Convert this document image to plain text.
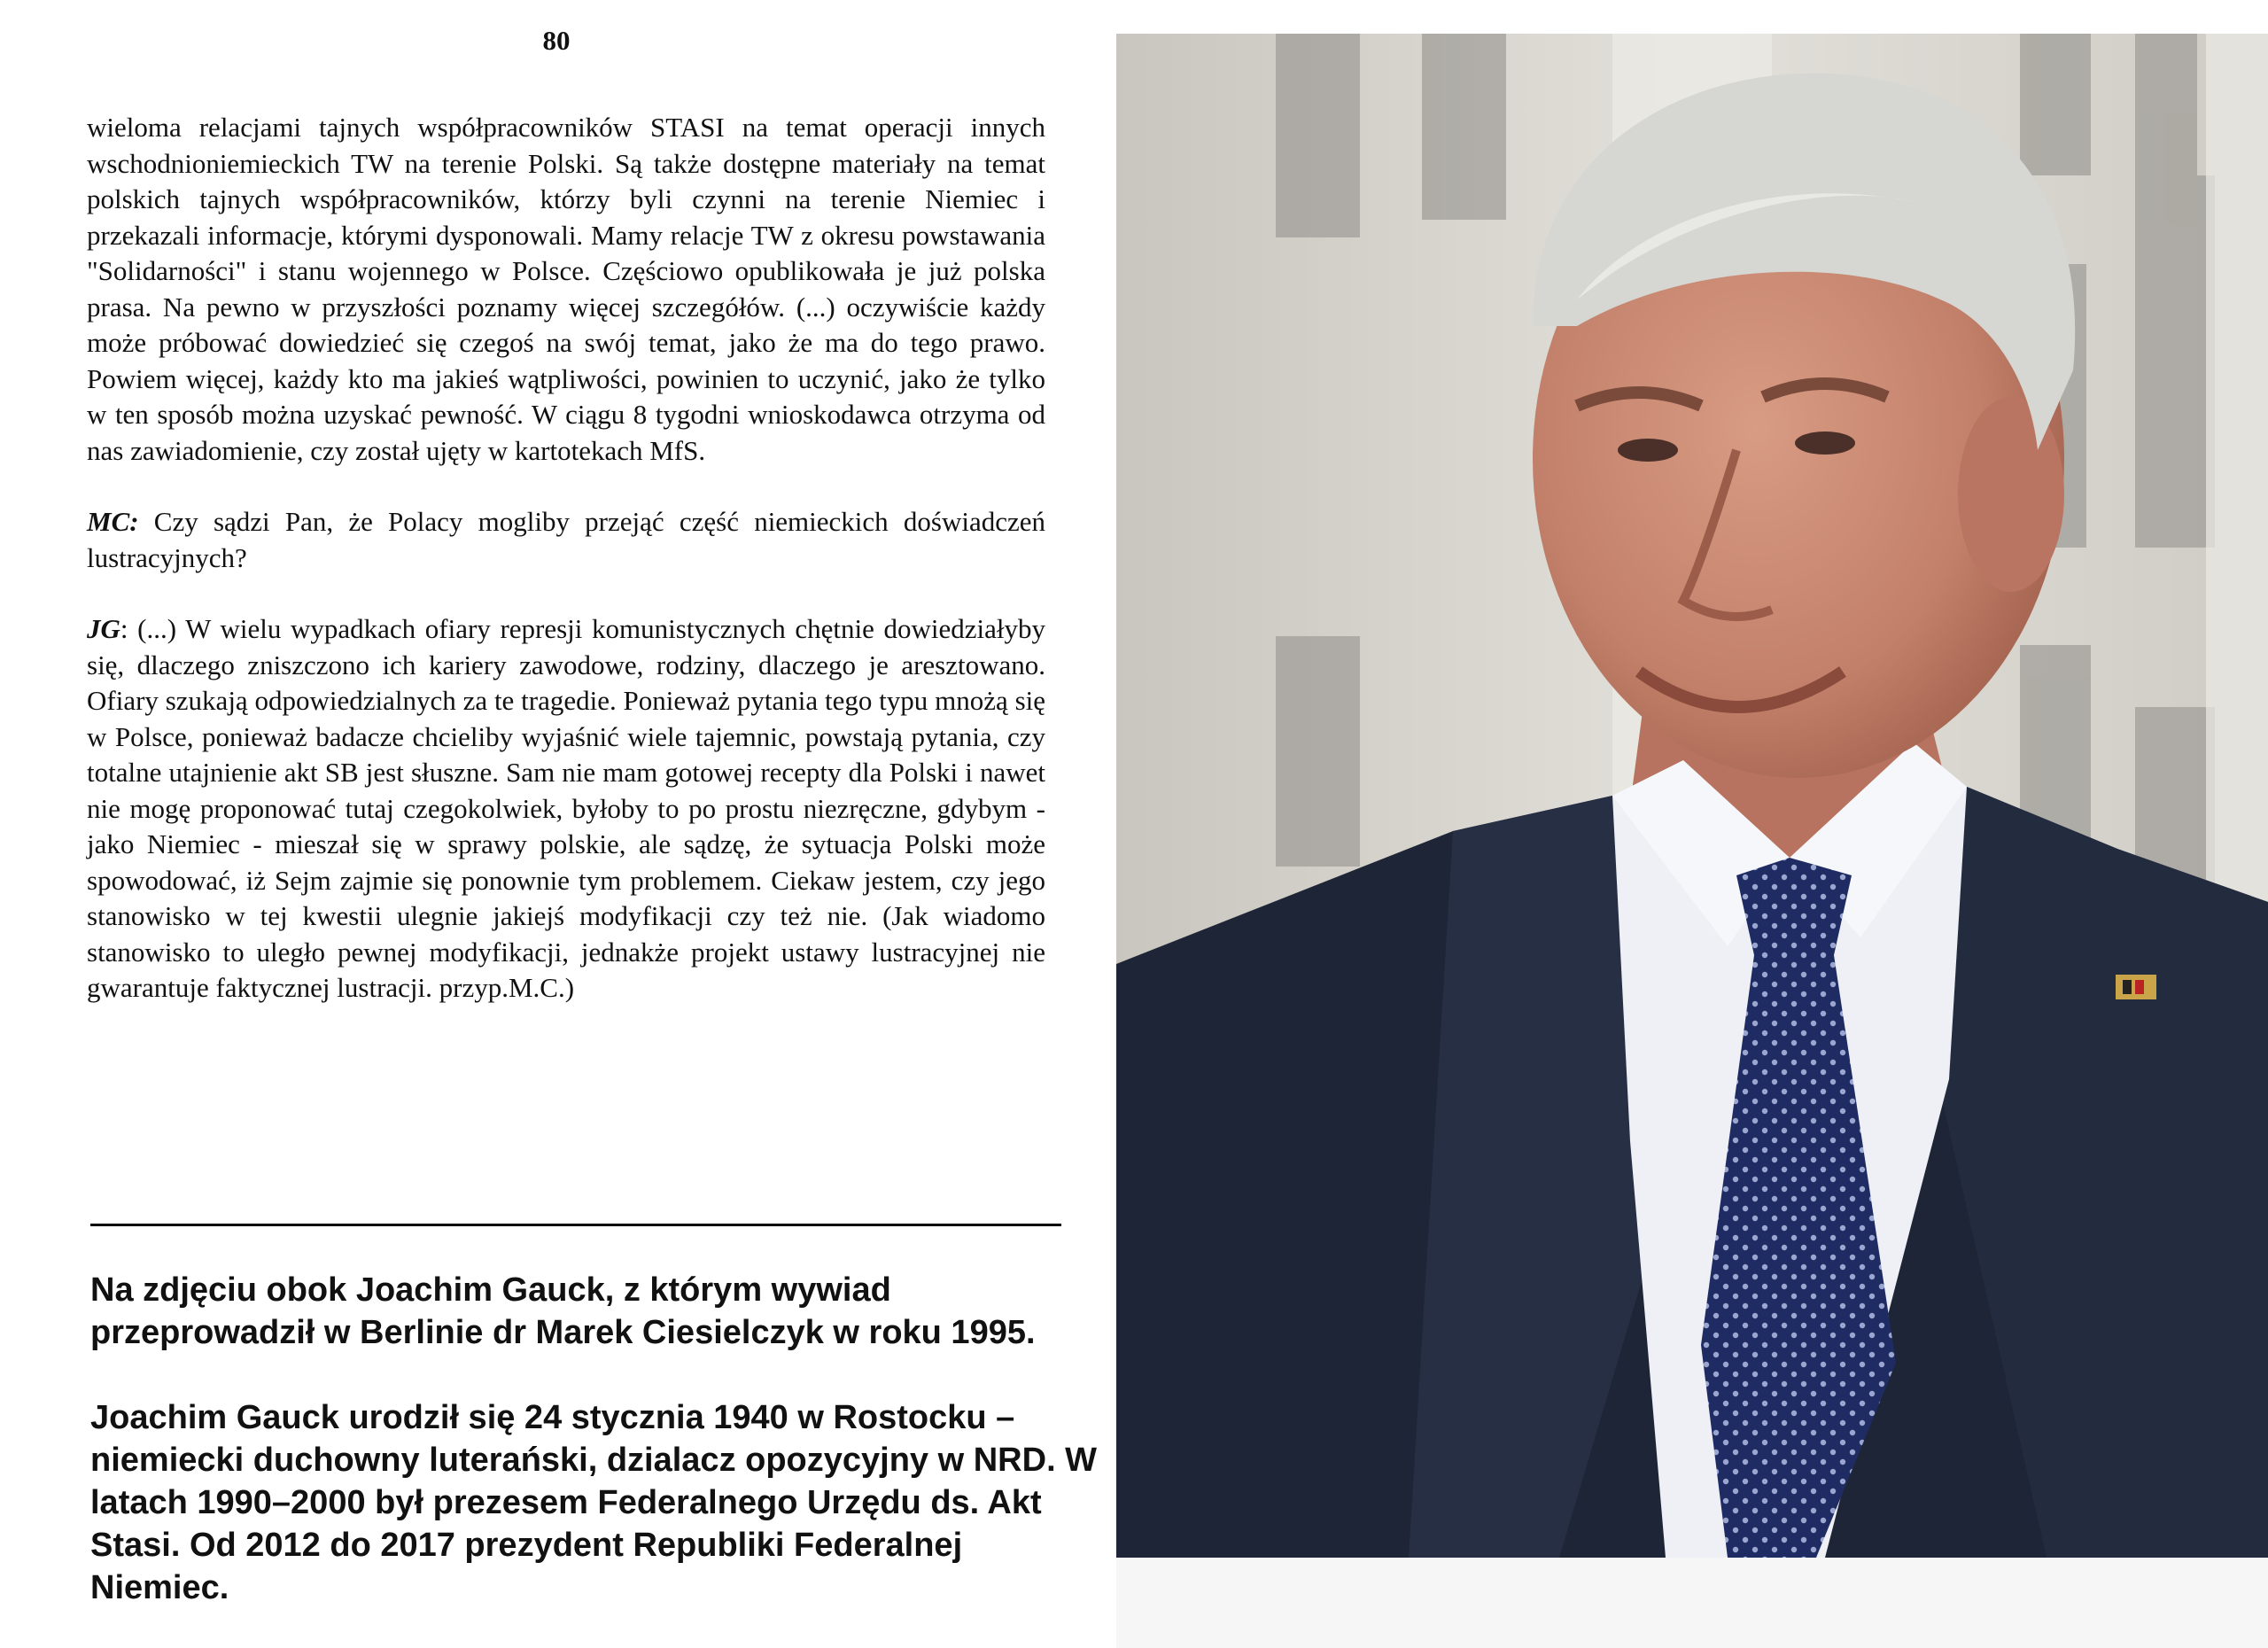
80

wieloma relacjami tajnych współpracowników STASI na temat operacji innych wschodnioniemieckich TW na terenie Polski. Są także dostępne materiały na temat polskich tajnych współpracowników, którzy byli czynni na terenie Niemiec i przekazali informacje, którymi dysponowali. Mamy relacje TW z okresu powstawania "Solidarności" i stanu wojennego w Polsce. Częściowo opublikowała je już polska prasa. Na pewno w przyszłości poznamy więcej szczegółów. (...) oczywiście każdy może próbować dowiedzieć się czegoś na swój temat, jako że ma do tego prawo. Powiem więcej, każdy kto ma jakieś wątpliwości, powinien to uczynić, jako że tylko w ten sposób można uzyskać pewność. W ciągu 8 tygodni wnioskodawca otrzyma od nas zawiadomienie, czy został ujęty w kartotekach MfS.

MC: Czy sądzi Pan, że Polacy mogliby przejąć część niemieckich doświadczeń lustracyjnych?

JG: (...) W wielu wypadkach ofiary represji komunistycznych chętnie dowiedziałyby się, dlaczego zniszczono ich kariery zawodowe, rodziny, dlaczego je aresztowano. Ofiary szukają odpowiedzialnych za te tragedie. Ponieważ pytania tego typu mnożą się w Polsce, ponieważ badacze chcieliby wyjaśnić wiele tajemnic, powstają pytania, czy totalne utajnienie akt SB jest słuszne. Sam nie mam gotowej recepty dla Polski i nawet nie mogę proponować tutaj czegokolwiek, byłoby to po prostu niezręczne, gdybym - jako Niemiec - mieszał się w sprawy polskie, ale sądzę, że sytuacja Polski może spowodować, iż Sejm zajmie się ponownie tym problemem. Ciekaw jestem, czy jego stanowisko w tej kwestii ulegnie jakiejś modyfikacji czy też nie. (Jak wiadomo stanowisko to uległo pewnej modyfikacji, jednakże projekt ustawy lustracyjnej nie gwarantuje faktycznej lustracji. przyp.M.C.)

Na zdjęciu obok Joachim Gauck, z którym wywiad przeprowadził w Berlinie dr Marek Ciesielczyk w roku 1995.

Joachim Gauck urodził się 24 stycznia 1940 w Rostocku – niemiecki duchowny luterański, dzialacz opozycyjny w NRD. W latach 1990–2000 był prezesem Federalnego Urzędu ds. Akt Stasi. Od 2012 do 2017 prezydent Republiki Federalnej Niemiec.
